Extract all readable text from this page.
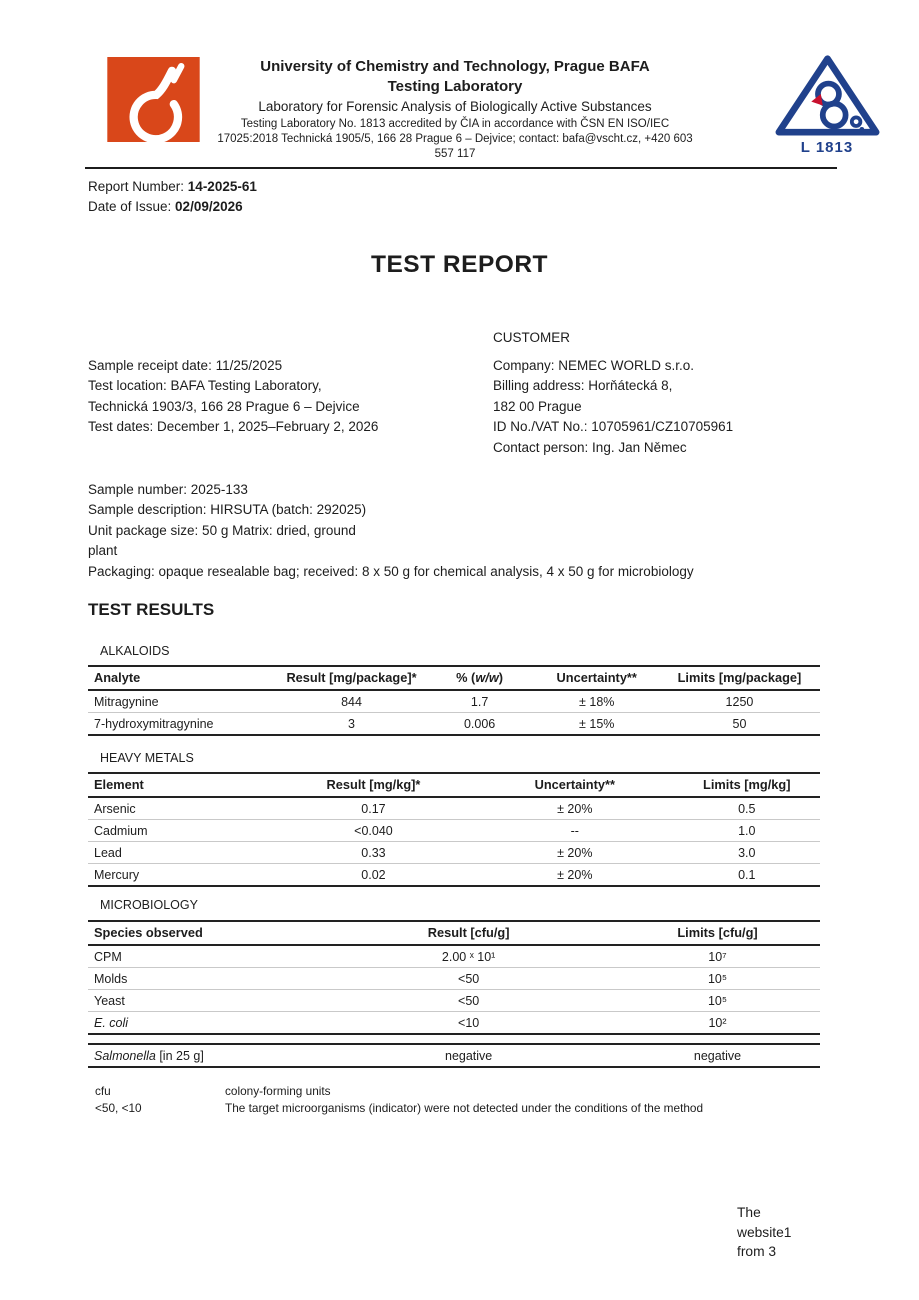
University of Chemistry and Technology, Prague BAFA
Testing Laboratory
Laboratory for Forensic Analysis of Biologically Active Substances
Testing Laboratory No. 1813 accredited by ČIA in accordance with ČSN EN ISO/IEC
17025:2018 Technická 1905/5, 166 28 Prague 6 – Dejvice; contact: bafa@vscht.cz, +420 603
557 117	L 1813
Report Number: 14-2025-61
Date of Issue: 02/09/2026
TEST REPORT
CUSTOMER
Sample receipt date: 11/25/2025
Test location: BAFA Testing Laboratory,
Technická 1903/3, 166 28 Prague 6 – Dejvice
Test dates: December 1, 2025–February 2, 2026
Company: NEMEC WORLD s.r.o.
Billing address: Horňátecká 8,
182 00 Prague
ID No./VAT No.: 10705961/CZ10705961
Contact person: Ing. Jan Němec
Sample number: 2025-133
Sample description: HIRSUTA (batch: 292025)
Unit package size: 50 g Matrix: dried, ground
plant
Packaging: opaque resealable bag; received: 8 x 50 g for chemical analysis, 4 x 50 g for microbiology
TEST RESULTS
ALKALOIDS
Analyte	Result [mg/package]*	% (w/w)	Uncertainty**	Limits [mg/package]
Mitragynine	844	1.7	± 18%	1250
7-hydroxymitragynine	3	0.006	± 15%	50
HEAVY METALS
Element	Result [mg/kg]*	Uncertainty**	Limits [mg/kg]
Arsenic	0.17	± 20%	0.5
Cadmium	<0.040	--	1.0
Lead	0.33	± 20%	3.0
Mercury	0.02	± 20%	0.1
MICROBIOLOGY
Species observed	Result [cfu/g]	Limits [cfu/g]
CPM	2.00 ˣ 10¹	10⁷
Molds	<50	10⁵
Yeast	<50	10⁵
E. coli	<10	10²
Salmonella [in 25 g]	negative	negative
cfu	colony-forming units
<50, <10	The target microorganisms (indicator) were not detected under the conditions of the method
The
website1
from 3
